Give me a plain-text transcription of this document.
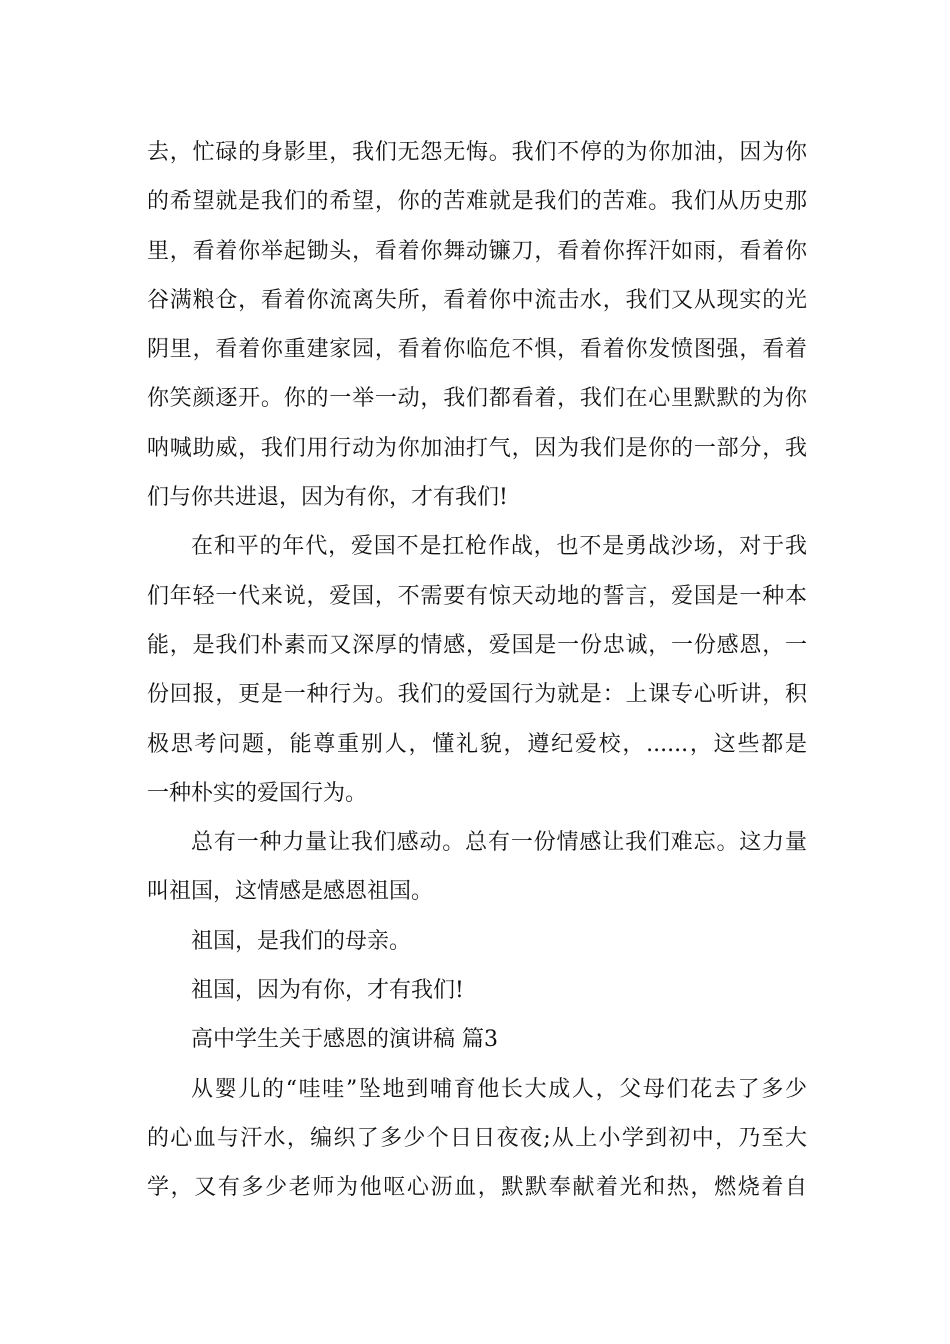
去，忙碌的身影里，我们无怨无悔。我们不停的为你加油，因为你
的希望就是我们的希望，你的苦难就是我们的苦难。我们从历史那
里，看着你举起锄头，看着你舞动镰刀，看着你挥汗如雨，看着你
谷满粮仓，看着你流离失所，看着你中流击水，我们又从现实的光
阴里，看着你重建家园，看着你临危不惧，看着你发愤图强，看着
你笑颜逐开。你的一举一动，我们都看着，我们在心里默默的为你
呐喊助威，我们用行动为你加油打气，因为我们是你的一部分，我
们与你共进退，因为有你，才有我们!
在和平的年代，爱国不是扛枪作战，也不是勇战沙场，对于我
们年轻一代来说，爱国，不需要有惊天动地的誓言，爱国是一种本
能，是我们朴素而又深厚的情感，爱国是一份忠诚，一份感恩，一
份回报，更是一种行为。我们的爱国行为就是：上课专心听讲，积
极思考问题，能尊重别人，懂礼貌，遵纪爱校，......，这些都是
一种朴实的爱国行为。
总有一种力量让我们感动。总有一份情感让我们难忘。这力量
叫祖国，这情感是感恩祖国。
祖国，是我们的母亲。
祖国，因为有你，才有我们!
高中学生关于感恩的演讲稿 篇3
从婴儿的“哇哇”坠地到哺育他长大成人，父母们花去了多少
的心血与汗水，编织了多少个日日夜夜;从上小学到初中，乃至大
学，又有多少老师为他呕心沥血，默默奉献着光和热，燃烧着自
